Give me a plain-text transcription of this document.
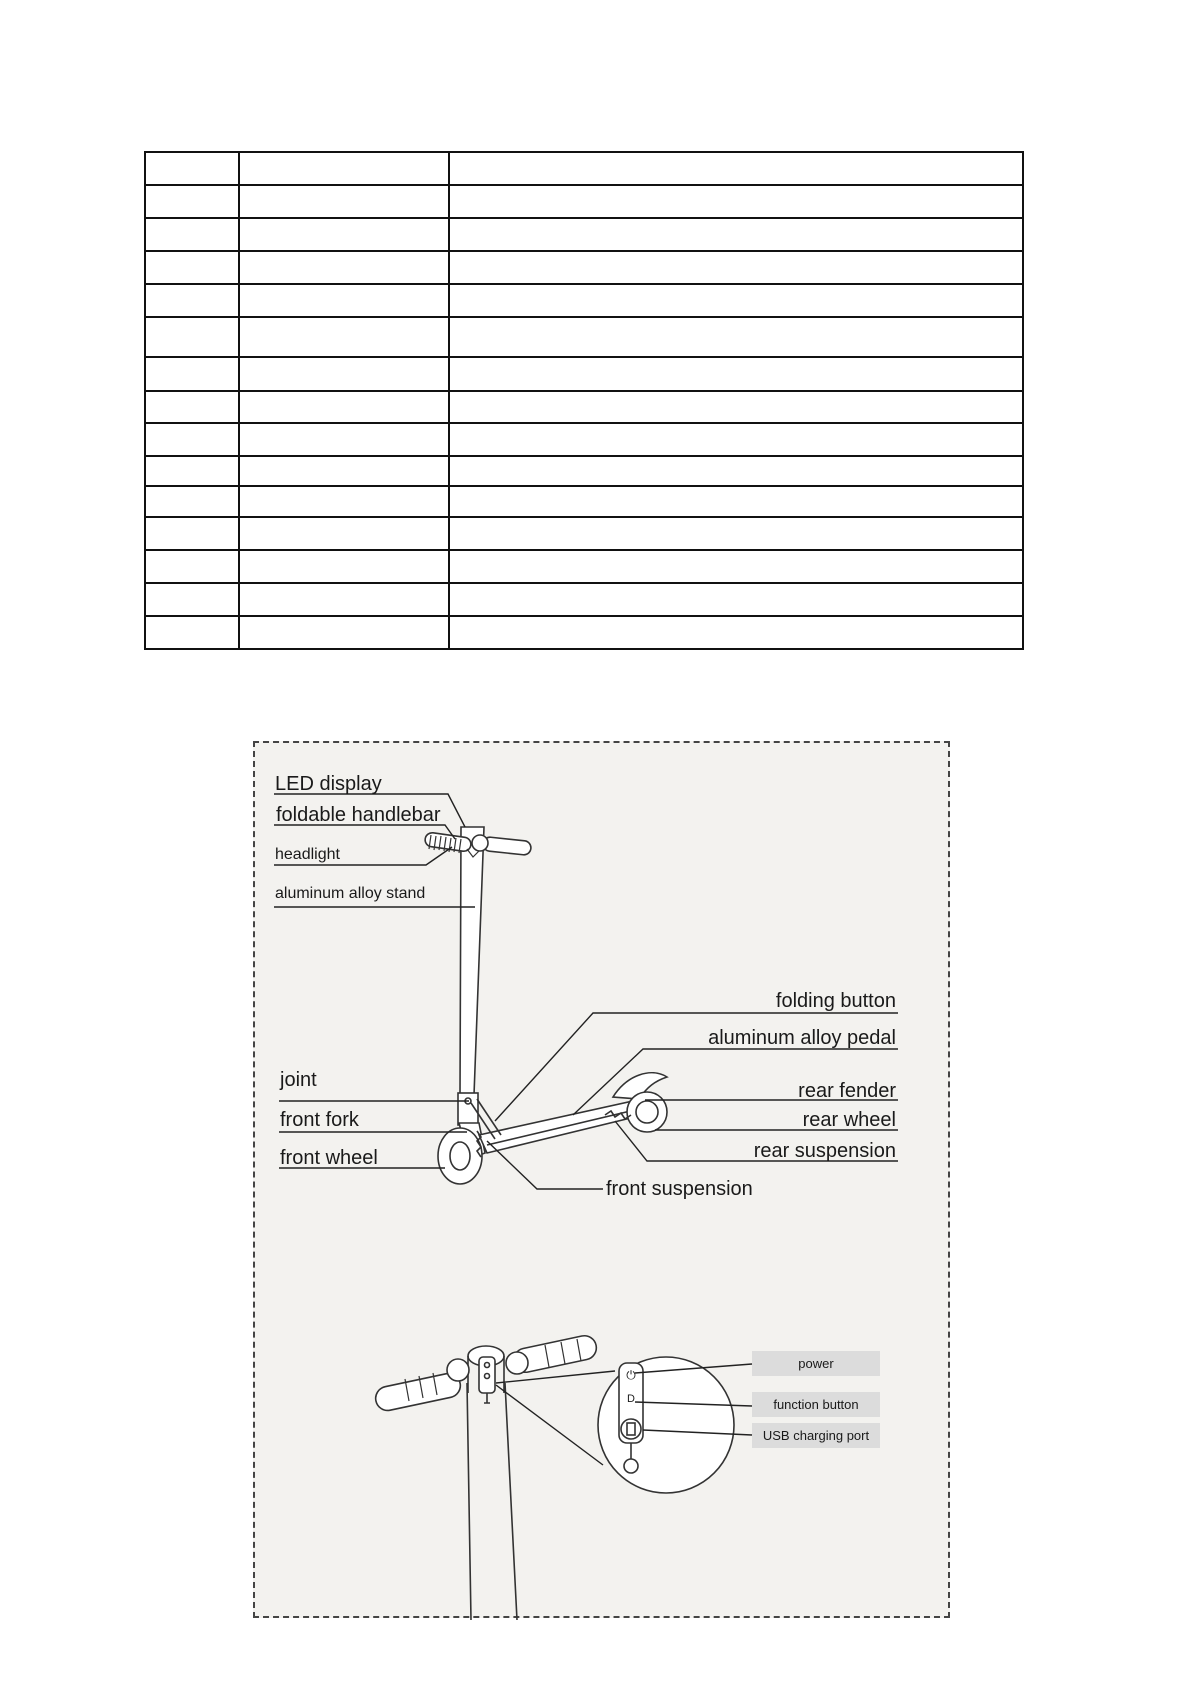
LED display
foldable handlebar
headlight
aluminum alloy stand
folding button
aluminum alloy pedal
joint
front fork
front wheel
rear fender
rear wheel
rear suspension
front suspension
⏻
D
power
function button
USB charging port
